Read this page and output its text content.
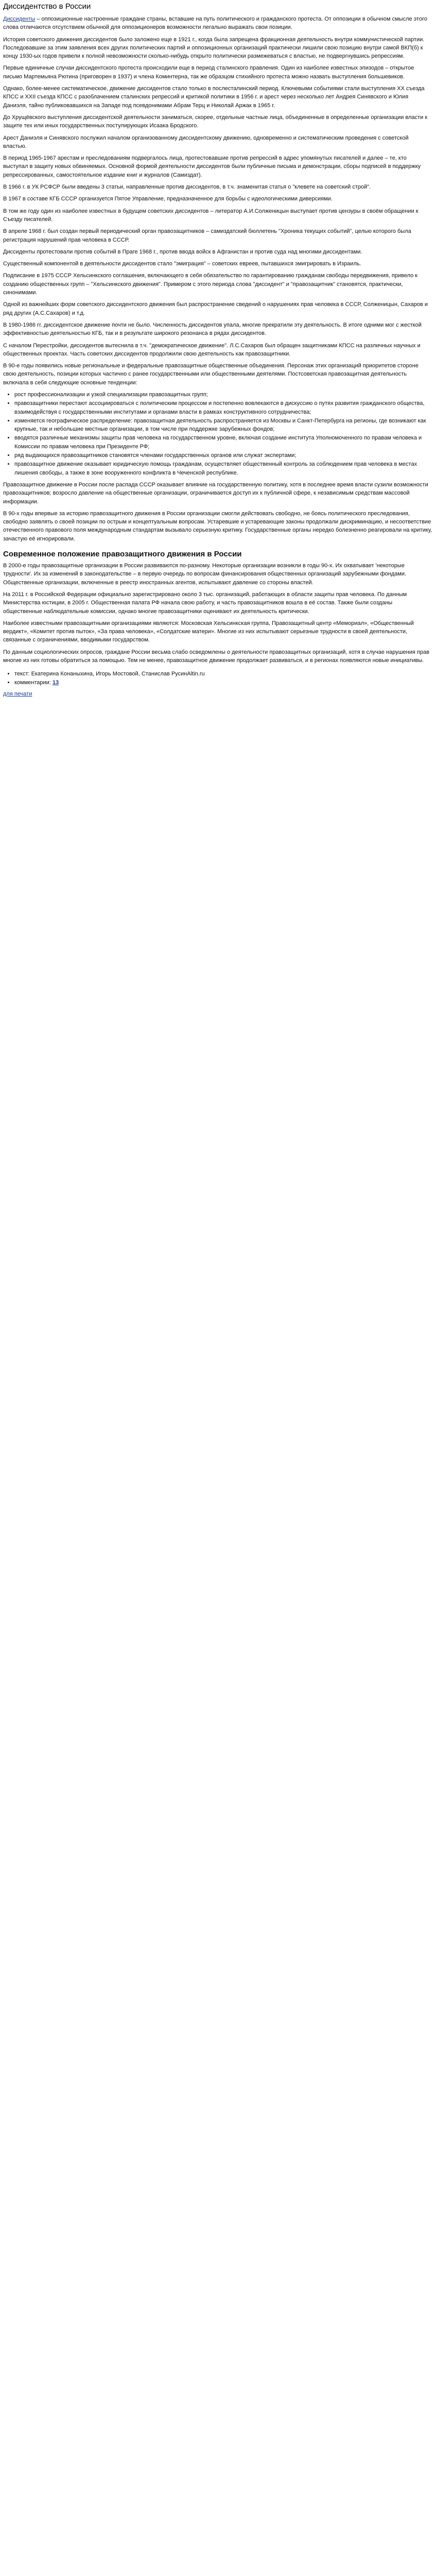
Диссидентство в России

Диссиденты – оппозиционные настроенные граждане страны, вставшие на путь политического и гражданского протеста. От оппозиции в обычном смысле этого слова отличаются отсутствием обычной для оппозиционеров возможности легально выражать свои позиции.

История советского движения диссидентов было заложено еще в 1921 г., когда была запрещена фракционная деятельность внутри коммунистической партии. Последовавшие за этим заявления всех других политических партий и оппозиционных организаций практически лишили свою позицию внутри самой ВКП(б) к концу 1930-ых годов привели к полной невозможности сколько-нибудь открыто политически размежеваться с властью, не подвергнувшись репрессиям.

Первые единичные случаи диссидентского протеста происходили еще в период сталинского правления. Один из наиболее известных эпизодов – открытое письмо Мартемьяна Рютина (приговорен в 1937) и члена Коминтерна, так же образцом стихийного протеста можно назвать выступления большевиков.

Однако, более-менее систематическое, движение диссидентов стало только в послесталинский период. Ключевыми событиями стали выступления XX съезда КПСС и XXII съезда КПСС с разоблачением сталинских репрессий и критикой политики в 1956 г. и арест через несколько лет Андрея Синявского и Юлия Даниэля, тайно публиковавшихся на Западе под псевдонимами Абрам Терц и Николай Аржак в 1965 г.

До Хрущёвского выступления диссидентской деятельности заниматься, скорее, отдельные частные лица, объединенные в определенные организации власти к защите тех или иных государственных постулирующих Исаака Бродского.

Арест Даниэля и Синявского послужил началом организованному диссидентскому движению, одновременно и систематическим проведения с советской властью.

В период 1965-1967 арестам и преследованиям подвергалось лица, протестовавшие против репрессий в адрес упомянутых писателей и далее – те, кто выступал в защиту новых обвиняемых. Основной формой деятельности диссидентов были публичные письма и демонстрации, сборы подписей в поддержку репрессированных, самостоятельное издание книг и журналов (Самиздат).

В 1966 г. в УК РСФСР были введены 3 статьи, направленные против диссидентов, в т.ч. знаменитая статья о "клевете на советский строй".

В 1967 в составе КГБ СССР организуется Пятое Управление, предназначенное для борьбы с идеологическими диверсиями.

В том же году один из наиболее известных в будущем советских диссидентов – литератор А.И.Солженицын выступает против цензуры в своём обращении к Съезду писателей.

В апреле 1968 г. был создан первый периодический орган правозащитников – самиздатский бюллетень "Хроника текущих событий", целью которого была регистрация нарушений прав человека в СССР.

Диссиденты протестовали против событий в Праге 1968 г., против ввода войск в Афганистан и против суда над многими диссидентами.

Существенный компонентой в деятельности диссидентов стало "эмиграция" – советских евреев, пытавшихся эмигрировать в Израиль.

Подписание в 1975 СССР Хельсинкского соглашения, включающего в себя обязательство по гарантированию гражданам свободы передвижения, привело к созданию общественных групп – "Хельсинкского движения". Примером с этого периода слова "диссидент" и "правозащитник" становятся, практически, синонимами.

Одной из важнейших форм советского диссидентского движения был распространение сведений о нарушениях прав человека в СССР, Солженицын, Сахаров и ряд других (А.С.Сахаров) и т.д.

В 1980-1986 гг. диссидентское движение почти не было. Численность диссидентов упала, многие прекратили эту деятельность. В итоге одними мог с жесткой эффективностью деятельностью КГБ, так и в результате широкого резонанса в рядах диссидентов.

С началом Перестройки, диссидентов вытеснила в т.ч. "демократическое движение". Л.С.Сахаров был обращен защитниками КПСС на различных научных и общественных проектах. Часть советских диссидентов продолжили свою деятельность как правозащитники.

В 90-е годы появились новые региональные и федеральные правозащитные общественные объединения. Персонаж этих организаций приоритетов стороне свою деятельность, позиции которых частично с ранее государственными или общественными деятелями. Постсоветская правозащитная деятельность включала в себя следующие основные тенденции:

• рост профессионализации и узкой специализации правозащитных групп;
• правозащитники перестают ассоциироваться с политическим процессом и постепенно вовлекаются в дискуссию о путях развития гражданского общества, взаимодействуя с государственными институтами и органами власти в рамках конструктивного сотрудничества;
• изменяется географическое распределение: правозащитная деятельность распространяется из Москвы и Санкт-Петербурга на регионы, где возникают как крупные, так и небольшие местные организации, в том числе при поддержке зарубежных фондов;
• вводятся различные механизмы защиты прав человека на государственном уровне, включая создание института Уполномоченного по правам человека и Комиссии по правам человека при Президенте РФ;
• ряд выдающихся правозащитников становятся членами государственных органов или служат экспертами;
• правозащитное движение оказывает юридическую помощь гражданам, осуществляет общественный контроль за соблюдением прав человека в местах лишения свободы, а также в зоне вооруженного конфликта в Чеченской республике.

Правозащитное движение в России после распада СССР оказывает влияние на государственную политику, хотя в последнее время власти сузили возможности правозащитников; возросло давление на общественные организации, ограничивается доступ их к публичной сфере, к независимым средствам массовой информации.

В 90-х годы впервые за историю правозащитного движения в России организации смогли действовать свободно, не боясь политического преследования, свободно заявлять о своей позиции по острым и концептуальным вопросам. Устаревшие и устаревающие законы продолжали дискриминацию, и несоответствие отечественного правового поля международным стандартам вызывало серьезную критику. Государственные органы нередко болезненно реагировали на критику, зачастую её игнорировали.

Современное положение правозащитного движения в России

В 2000-е годы правозащитные организации в России развиваются по-разному. Некоторые организации возникли в годы 90-х. Их охватывает 'некоторые трудности'. Их за изменений в законодательстве – в первую очередь по вопросам финансирования общественных организаций зарубежными фондами. Общественные организации, включенные в реестр иностранных агентов, испытывают давление со стороны властей.

На 2011 г. в Российской Федерации официально зарегистрировано около 3 тыс. организаций, работающих в области защиты прав человека. По данным Министерства юстиции, в 2005 г. Общественная палата РФ начала свою работу, и часть правозащитников вошла в её состав. Также были созданы общественные наблюдательные комиссии, однако многие правозащитники оценивают их деятельность критически.

Наиболее известными правозащитными организациями являются: Московская Хельсинкская группа, Правозащитный центр «Мемориал», «Общественный вердикт», «Комитет против пыток», «За права человека», «Солдатские матери». Многие из них испытывают серьезные трудности в своей деятельности, связанные с ограничениями, вводимыми государством.

По данным социологических опросов, граждане России весьма слабо осведомлены о деятельности правозащитных организаций, хотя в случае нарушения прав многие из них готовы обратиться за помощью. Тем не менее, правозащитное движение продолжает развиваться, и в регионах появляются новые инициативы.

• текст: Екатерина Конаныхина, Игорь Мостовой, Станислав РусинАltin.ru
• комментарии: 13
для печати
